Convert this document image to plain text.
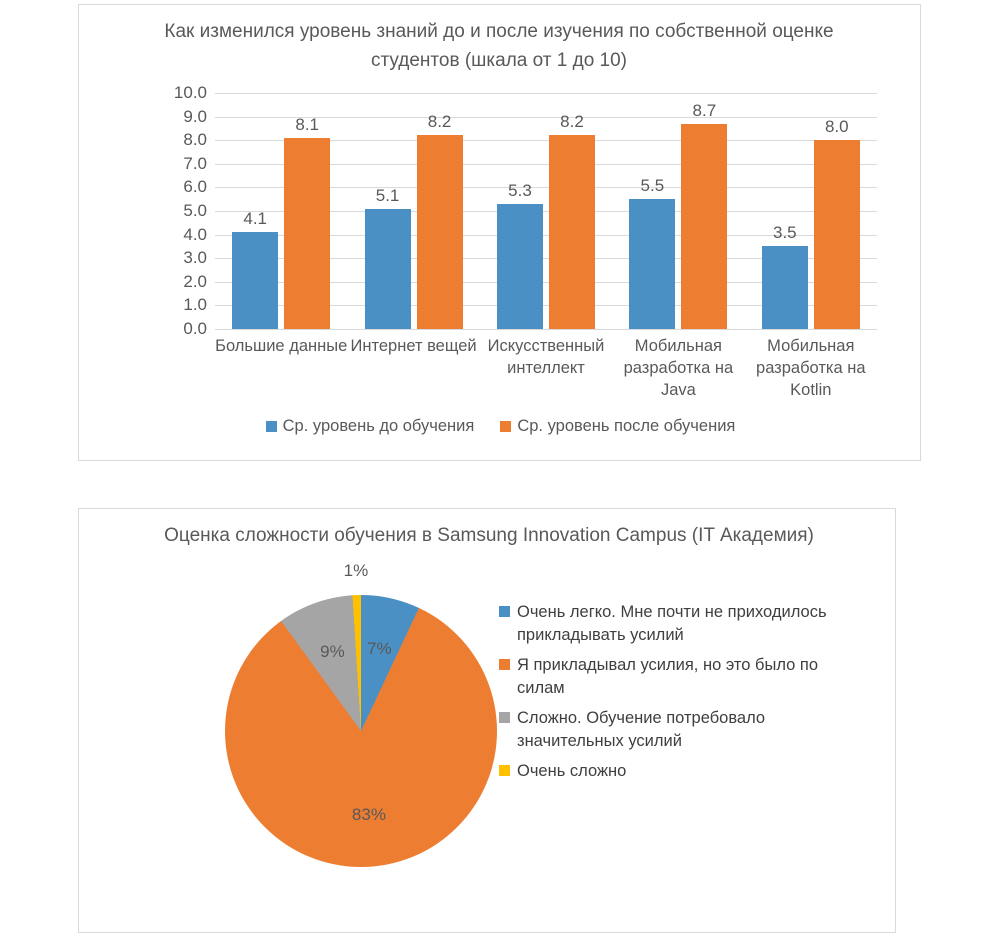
Как изменился уровень знаний до и после изучения по собственной оценке студентов (шкала от 1 до 10)
0.0
1.0
2.0
3.0
4.0
5.0
6.0
7.0
8.0
9.0
10.0
4.1
8.1
5.1
8.2
5.3
8.2
5.5
8.7
3.5
8.0
Большие данные Интернет вещей Искусственный интеллект
Мобильная разработка на Java
Мобильная разработка на Kotlin
Ср. уровень до обучения	Ср. уровень после обучения
Оценка сложности обучения в Samsung Innovation Campus (IT Академия)
7%
83%
9%
1%
Очень легко. Мне почти не приходилось прикладывать усилий
Я прикладывал усилия, но это было по силам
Сложно. Обучение потребовало значительных усилий
Очень сложно
